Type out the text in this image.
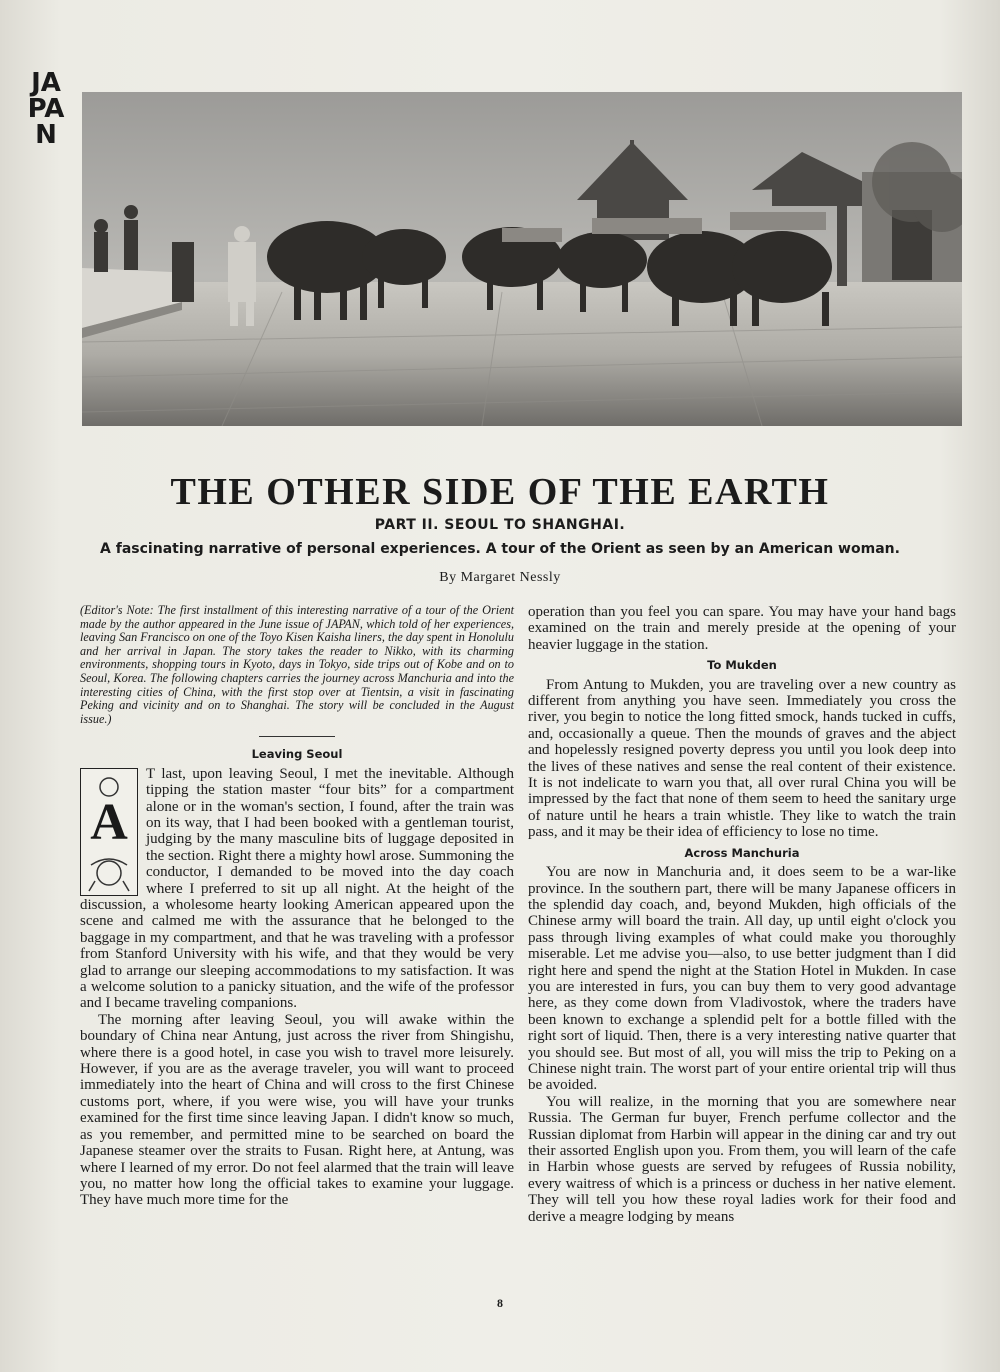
JAPAN
THE OTHER SIDE OF THE EARTH
PART II. SEOUL TO SHANGHAI.
A fascinating narrative of personal experiences. A tour of the Orient as seen by an American woman.
By Margaret Nessly

(Editor's Note: The first installment of this interesting narrative of a tour of the Orient made by the author appeared in the June issue of JAPAN, which told of her experiences, leaving San Francisco on one of the Toyo Kisen Kaisha liners, the day spent in Honolulu and her arrival in Japan. The story takes the reader to Nikko, with its charming environments, shopping tours in Kyoto, days in Tokyo, side trips out of Kobe and on to Seoul, Korea. The following chapters carries the journey across Manchuria and into the interesting cities of China, with the first stop over at Tientsin, a visit in fascinating Peking and vicinity and on to Shanghai. The story will be concluded in the August issue.)

Leaving Seoul
A

T last, upon leaving Seoul, I met the inevitable. Although tipping the station master “four bits” for a compartment alone or in the woman's section, I found, after the train was on its way, that I had been booked with a gentleman tourist, judging by the many masculine bits of luggage deposited in the section. Right there a mighty howl arose. Summoning the conductor, I demanded to be moved into the day coach where I preferred to sit up all night. At the height of the discussion, a wholesome hearty looking American appeared upon the scene and calmed me with the assurance that he belonged to the baggage in my compartment, and that he was traveling with a professor from Stanford University with his wife, and that they would be very glad to arrange our sleeping accommodations to my satisfaction. It was a welcome solution to a panicky situation, and the wife of the professor and I became traveling companions.

The morning after leaving Seoul, you will awake within the boundary of China near Antung, just across the river from Shingishu, where there is a good hotel, in case you wish to travel more leisurely. However, if you are as the average traveler, you will want to proceed immediately into the heart of China and will cross to the first Chinese customs port, where, if you were wise, you will have your trunks examined for the first time since leaving Japan. I didn't know so much, as you remember, and permitted mine to be searched on board the Japanese steamer over the straits to Fusan. Right here, at Antung, was where I learned of my error. Do not feel alarmed that the train will leave you, no matter how long the official takes to examine your luggage. They have much more time for the

operation than you feel you can spare. You may have your hand bags examined on the train and merely preside at the opening of your heavier luggage in the station.

To Mukden

From Antung to Mukden, you are traveling over a new country as different from anything you have seen. Immediately you cross the river, you begin to notice the long fitted smock, hands tucked in cuffs, and, occasionally a queue. Then the mounds of graves and the abject and hopelessly resigned poverty depress you until you look deep into the lives of these natives and sense the real content of their existence. It is not indelicate to warn you that, all over rural China you will be impressed by the fact that none of them seem to heed the sanitary urge of nature until he hears a train whistle. They like to watch the train pass, and it may be their idea of efficiency to lose no time.

Across Manchuria

You are now in Manchuria and, it does seem to be a war-like province. In the southern part, there will be many Japanese officers in the splendid day coach, and, beyond Mukden, high officials of the Chinese army will board the train. All day, up until eight o'clock you pass through living examples of what could make you thoroughly miserable. Let me advise you—also, to use better judgment than I did right here and spend the night at the Station Hotel in Mukden. In case you are interested in furs, you can buy them to very good advantage here, as they come down from Vladivostok, where the traders have been known to exchange a splendid pelt for a bottle filled with the right sort of liquid. Then, there is a very interesting native quarter that you should see. But most of all, you will miss the trip to Peking on a Chinese night train. The worst part of your entire oriental trip will thus be avoided.

You will realize, in the morning that you are somewhere near Russia. The German fur buyer, French perfume collector and the Russian diplomat from Harbin will appear in the dining car and try out their assorted English upon you. From them, you will learn of the cafe in Harbin whose guests are served by refugees of Russia nobility, every waitress of which is a princess or duchess in her native element. They will tell you how these royal ladies work for their food and derive a meagre lodging by means

8
